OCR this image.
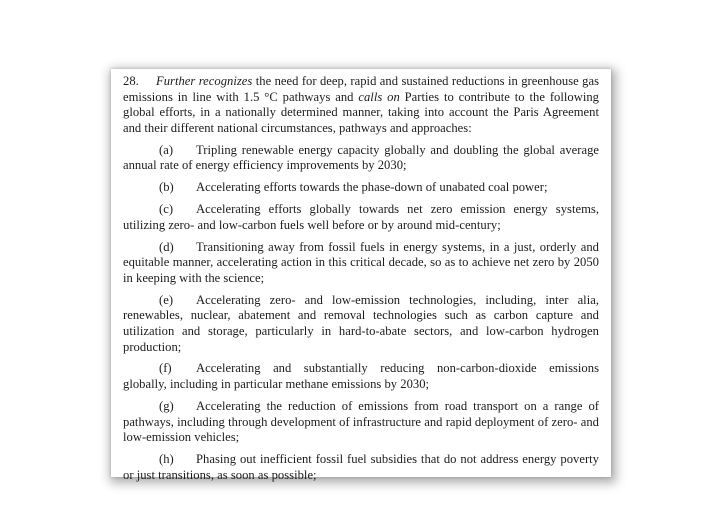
28. Further recognizes the need for deep, rapid and sustained reductions in greenhouse gas emissions in line with 1.5 °C pathways and calls on Parties to contribute to the following global efforts, in a nationally determined manner, taking into account the Paris Agreement and their different national circumstances, pathways and approaches:

(a) Tripling renewable energy capacity globally and doubling the global average annual rate of energy efficiency improvements by 2030;

(b) Accelerating efforts towards the phase-down of unabated coal power;

(c) Accelerating efforts globally towards net zero emission energy systems, utilizing zero- and low-carbon fuels well before or by around mid-century;

(d) Transitioning away from fossil fuels in energy systems, in a just, orderly and equitable manner, accelerating action in this critical decade, so as to achieve net zero by 2050 in keeping with the science;

(e) Accelerating zero- and low-emission technologies, including, inter alia, renewables, nuclear, abatement and removal technologies such as carbon capture and utilization and storage, particularly in hard-to-abate sectors, and low-carbon hydrogen production;

(f) Accelerating and substantially reducing non-carbon-dioxide emissions globally, including in particular methane emissions by 2030;

(g) Accelerating the reduction of emissions from road transport on a range of pathways, including through development of infrastructure and rapid deployment of zero- and low-emission vehicles;

(h) Phasing out inefficient fossil fuel subsidies that do not address energy poverty or just transitions, as soon as possible;
